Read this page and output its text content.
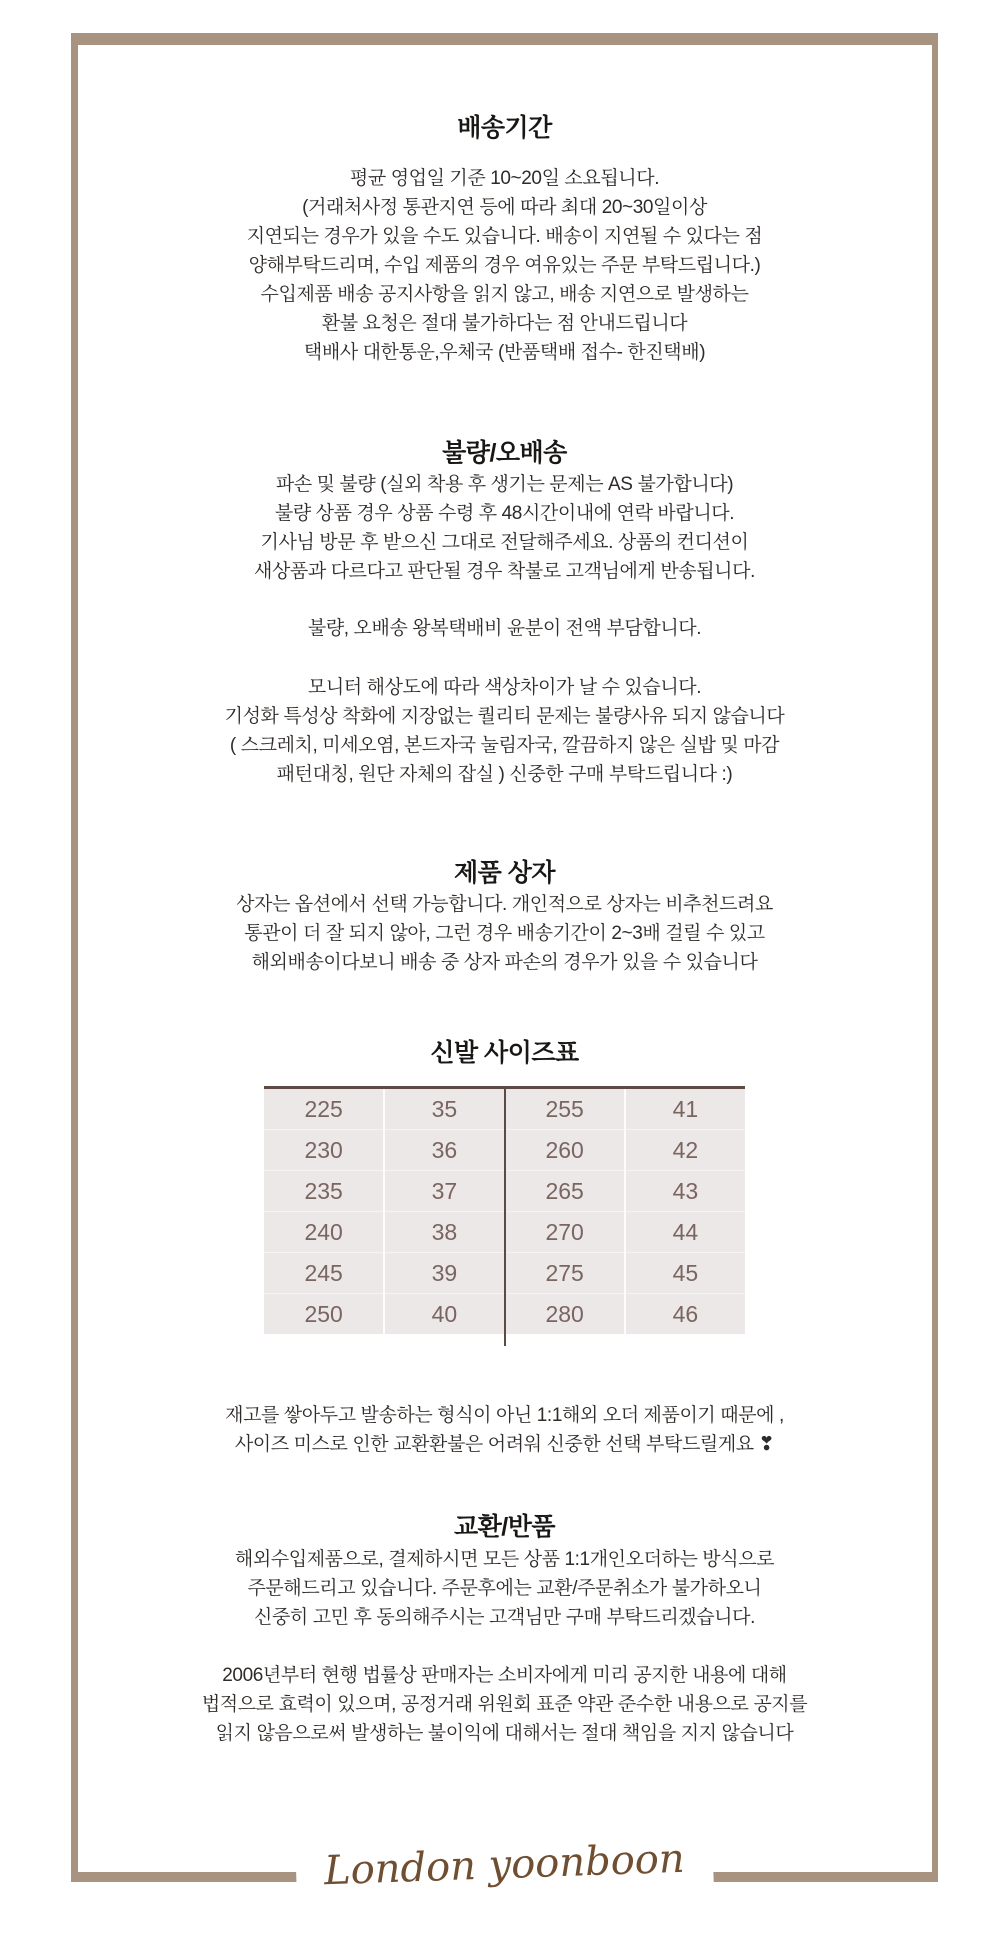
배송기간
평균 영업일 기준 10~20일 소요됩니다.
(거래처사정 통관지연 등에 따라 최대 20~30일이상
지연되는 경우가 있을 수도 있습니다. 배송이 지연될 수 있다는 점
양해부탁드리며, 수입 제품의 경우 여유있는 주문 부탁드립니다.)
수입제품 배송 공지사항을 읽지 않고, 배송 지연으로 발생하는
환불 요청은 절대 불가하다는 점 안내드립니다
택배사 대한통운,우체국 (반품택배 접수- 한진택배)
불량/오배송
파손 및 불량 (실외 착용 후 생기는 문제는 AS 불가합니다)
불량 상품 경우 상품 수령 후 48시간이내에 연락 바랍니다.
기사님 방문 후 받으신 그대로 전달해주세요. 상품의 컨디션이
새상품과 다르다고 판단될 경우 착불로 고객님에게 반송됩니다.
불량, 오배송 왕복택배비 윤분이 전액 부담합니다.
모니터 해상도에 따라 색상차이가 날 수 있습니다.
기성화 특성상 착화에 지장없는 퀄리티 문제는 불량사유 되지 않습니다
( 스크레치, 미세오염, 본드자국 눌림자국, 깔끔하지 않은 실밥 및 마감
패턴대칭, 원단 자체의 잡실 ) 신중한 구매 부탁드립니다 :)
제품 상자
상자는 옵션에서 선택 가능합니다. 개인적으로 상자는 비추천드려요
통관이 더 잘 되지 않아, 그런 경우 배송기간이 2~3배 걸릴 수 있고
해외배송이다보니 배송 중 상자 파손의 경우가 있을 수 있습니다
신발 사이즈표
225	35	255	41
230	36	260	42
235	37	265	43
240	38	270	44
245	39	275	45
250	40	280	46
재고를 쌓아두고 발송하는 형식이 아닌 1:1해외 오더 제품이기 때문에 ,
사이즈 미스로 인한 교환환불은 어려워 신중한 선택 부탁드릴게요 ❣
교환/반품
해외수입제품으로, 결제하시면 모든 상품 1:1개인오더하는 방식으로
주문해드리고 있습니다. 주문후에는 교환/주문취소가 불가하오니
신중히 고민 후 동의해주시는 고객님만 구매 부탁드리겠습니다.
2006년부터 현행 법률상 판매자는 소비자에게 미리 공지한 내용에 대해
법적으로 효력이 있으며, 공정거래 위원회 표준 약관 준수한 내용으로 공지를
읽지 않음으로써 발생하는 불이익에 대해서는 절대 책임을 지지 않습니다
London yoonboon
